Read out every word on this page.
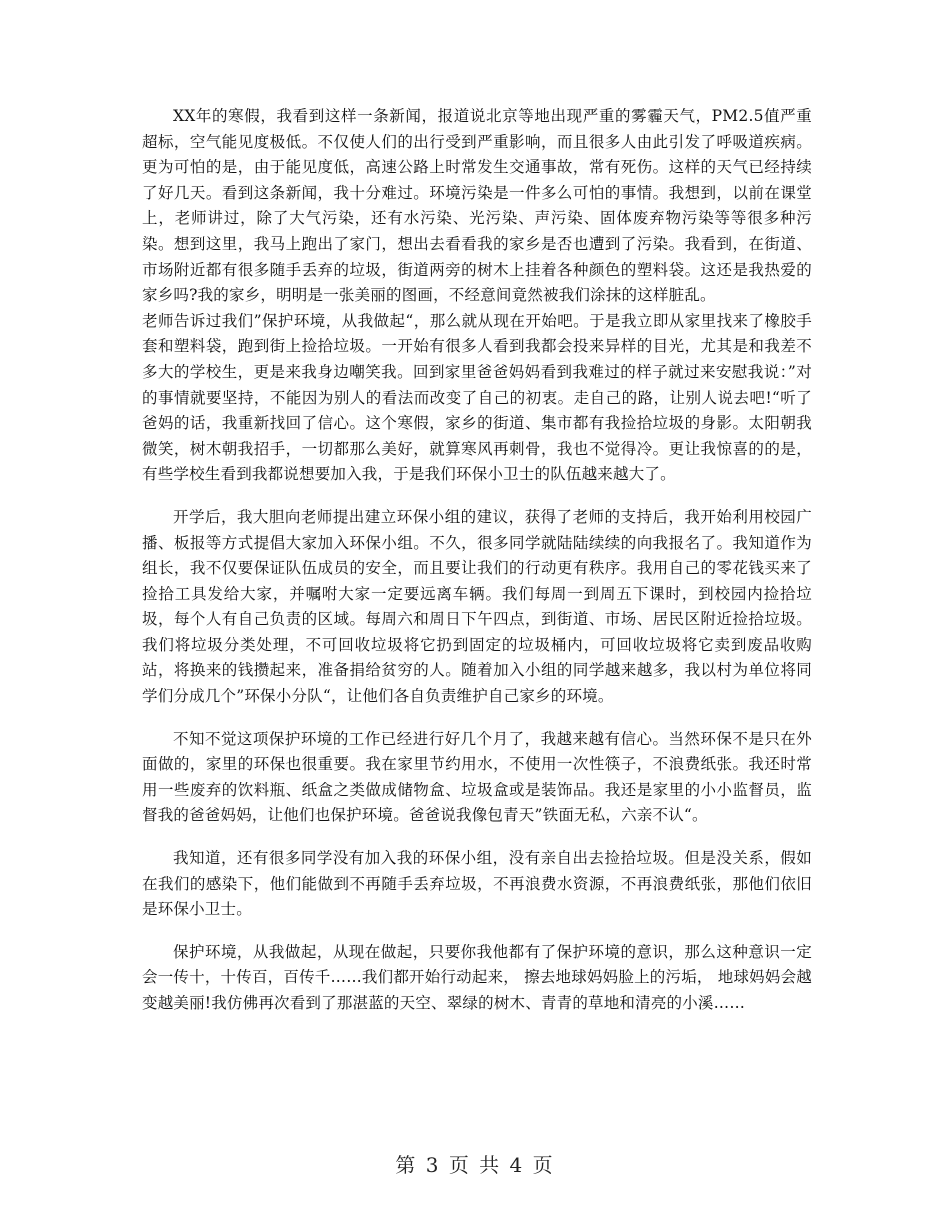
XX年的寒假，我看到这样一条新闻，报道说北京等地出现严重的雾霾天气，PM2.5值严重超标，空气能见度极低。不仅使人们的出行受到严重影响，而且很多人由此引发了呼吸道疾病。更为可怕的是，由于能见度低，高速公路上时常发生交通事故，常有死伤。这样的天气已经持续了好几天。看到这条新闻，我十分难过。环境污染是一件多么可怕的事情。我想到，以前在课堂上，老师讲过，除了大气污染，还有水污染、光污染、声污染、固体废弃物污染等等很多种污染。想到这里，我马上跑出了家门，想出去看看我的家乡是否也遭到了污染。我看到，在街道、市场附近都有很多随手丢弃的垃圾，街道两旁的树木上挂着各种颜色的塑料袋。这还是我热爱的家乡吗?我的家乡，明明是一张美丽的图画，不经意间竟然被我们涂抹的这样脏乱。
老师告诉过我们”保护环境，从我做起“，那么就从现在开始吧。于是我立即从家里找来了橡胶手套和塑料袋，跑到街上捡拾垃圾。一开始有很多人看到我都会投来异样的目光，尤其是和我差不多大的学校生，更是来我身边嘲笑我。回到家里爸爸妈妈看到我难过的样子就过来安慰我说：”对的事情就要坚持，不能因为别人的看法而改变了自己的初衷。走自己的路，让别人说去吧!“听了爸妈的话，我重新找回了信心。这个寒假，家乡的街道、集市都有我捡拾垃圾的身影。太阳朝我微笑，树木朝我招手，一切都那么美好，就算寒风再刺骨，我也不觉得冷。更让我惊喜的的是，有些学校生看到我都说想要加入我，于是我们环保小卫士的队伍越来越大了。

开学后，我大胆向老师提出建立环保小组的建议，获得了老师的支持后，我开始利用校园广播、板报等方式提倡大家加入环保小组。不久，很多同学就陆陆续续的向我报名了。我知道作为组长，我不仅要保证队伍成员的安全，而且要让我们的行动更有秩序。我用自己的零花钱买来了捡拾工具发给大家，并嘱咐大家一定要远离车辆。我们每周一到周五下课时，到校园内捡拾垃圾，每个人有自己负责的区域。每周六和周日下午四点，到街道、市场、居民区附近捡拾垃圾。我们将垃圾分类处理，不可回收垃圾将它扔到固定的垃圾桶内，可回收垃圾将它卖到废品收购站，将换来的钱攒起来，准备捐给贫穷的人。随着加入小组的同学越来越多，我以村为单位将同学们分成几个”环保小分队“，让他们各自负责维护自己家乡的环境。

不知不觉这项保护环境的工作已经进行好几个月了，我越来越有信心。当然环保不是只在外面做的，家里的环保也很重要。我在家里节约用水，不使用一次性筷子，不浪费纸张。我还时常用一些废弃的饮料瓶、纸盒之类做成储物盒、垃圾盒或是装饰品。我还是家里的小小监督员，监督我的爸爸妈妈，让他们也保护环境。爸爸说我像包青天”铁面无私，六亲不认“。

我知道，还有很多同学没有加入我的环保小组，没有亲自出去捡拾垃圾。但是没关系，假如在我们的感染下，他们能做到不再随手丢弃垃圾，不再浪费水资源，不再浪费纸张，那他们依旧是环保小卫士。

保护环境，从我做起，从现在做起，只要你我他都有了保护环境的意识，那么这种意识一定会一传十，十传百，百传千……我们都开始行动起来， 擦去地球妈妈脸上的污垢， 地球妈妈会越变越美丽!我仿佛再次看到了那湛蓝的天空、翠绿的树木、青青的草地和清亮的小溪……

第 3 页 共 4 页
